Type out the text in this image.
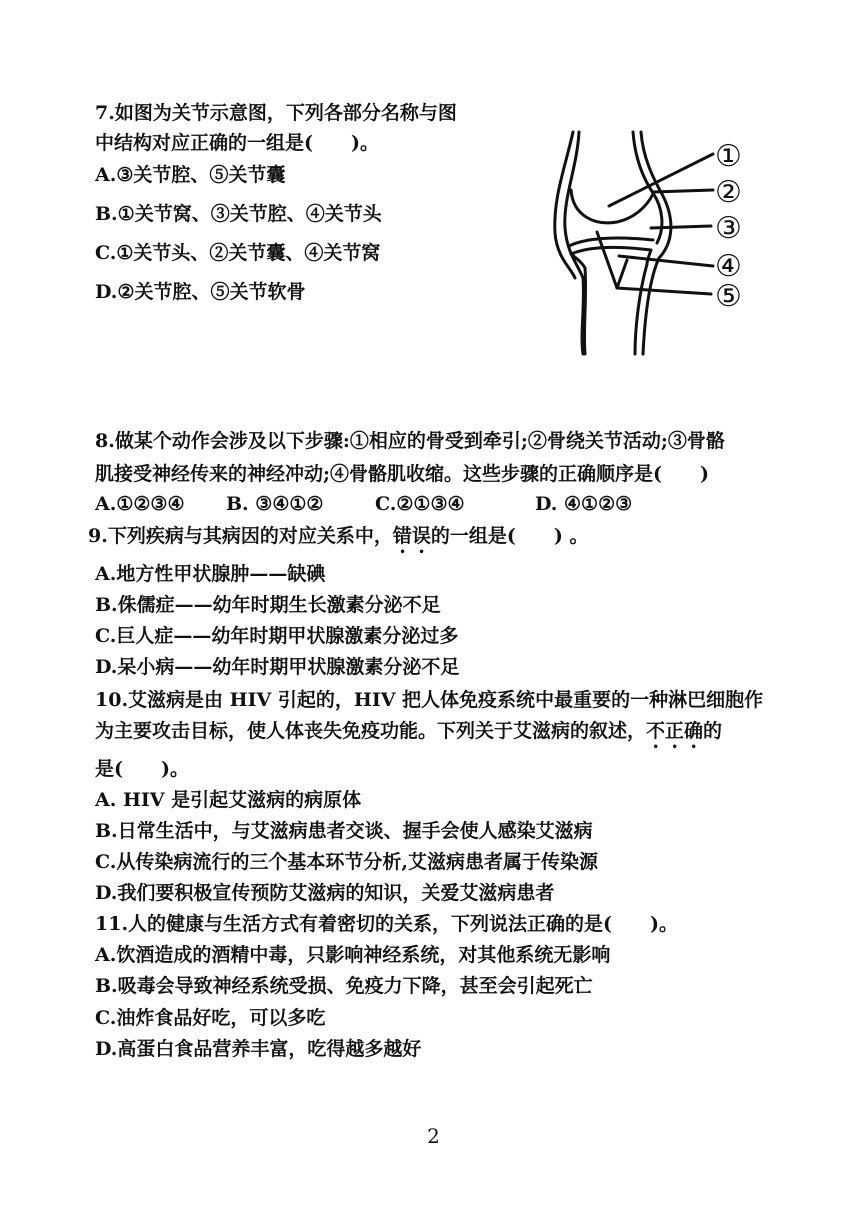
7.如图为关节示意图，下列各部分名称与图
中结构对应正确的一组是(　　)。
A.③关节腔、⑤关节囊
B.①关节窝、③关节腔、④关节头
C.①关节头、②关节囊、④关节窝
D.②关节腔、⑤关节软骨
①
②
③
④
⑤
8.做某个动作会涉及以下步骤:①相应的骨受到牵引;②骨绕关节活动;③骨骼
肌接受神经传来的神经冲动;④骨骼肌收缩。这些步骤的正确顺序是(　　)
A.①②③④ B. ③④①②	C.②①③④	D. ④①②③
9.下列疾病与其病因的对应关系中，错误的一组是(　　) 。
A.地方性甲状腺肿——缺碘
B.侏儒症——幼年时期生长激素分泌不足
C.巨人症——幼年时期甲状腺激素分泌过多
D.呆小病——幼年时期甲状腺激素分泌不足
10.艾滋病是由 HIV 引起的，HIV 把人体免疫系统中最重要的一种淋巴细胞作
为主要攻击目标，使人体丧失免疫功能。下列关于艾滋病的叙述，不正确的
是(　　)。
A. HIV 是引起艾滋病的病原体
B.日常生活中，与艾滋病患者交谈、握手会使人感染艾滋病
C.从传染病流行的三个基本环节分析,艾滋病患者属于传染源
D.我们要积极宣传预防艾滋病的知识，关爱艾滋病患者
11.人的健康与生活方式有着密切的关系，下列说法正确的是(　　)。
A.饮酒造成的酒精中毒，只影响神经系统，对其他系统无影响
B.吸毒会导致神经系统受损、免疫力下降，甚至会引起死亡
C.油炸食品好吃，可以多吃
D.高蛋白食品营养丰富，吃得越多越好
2
